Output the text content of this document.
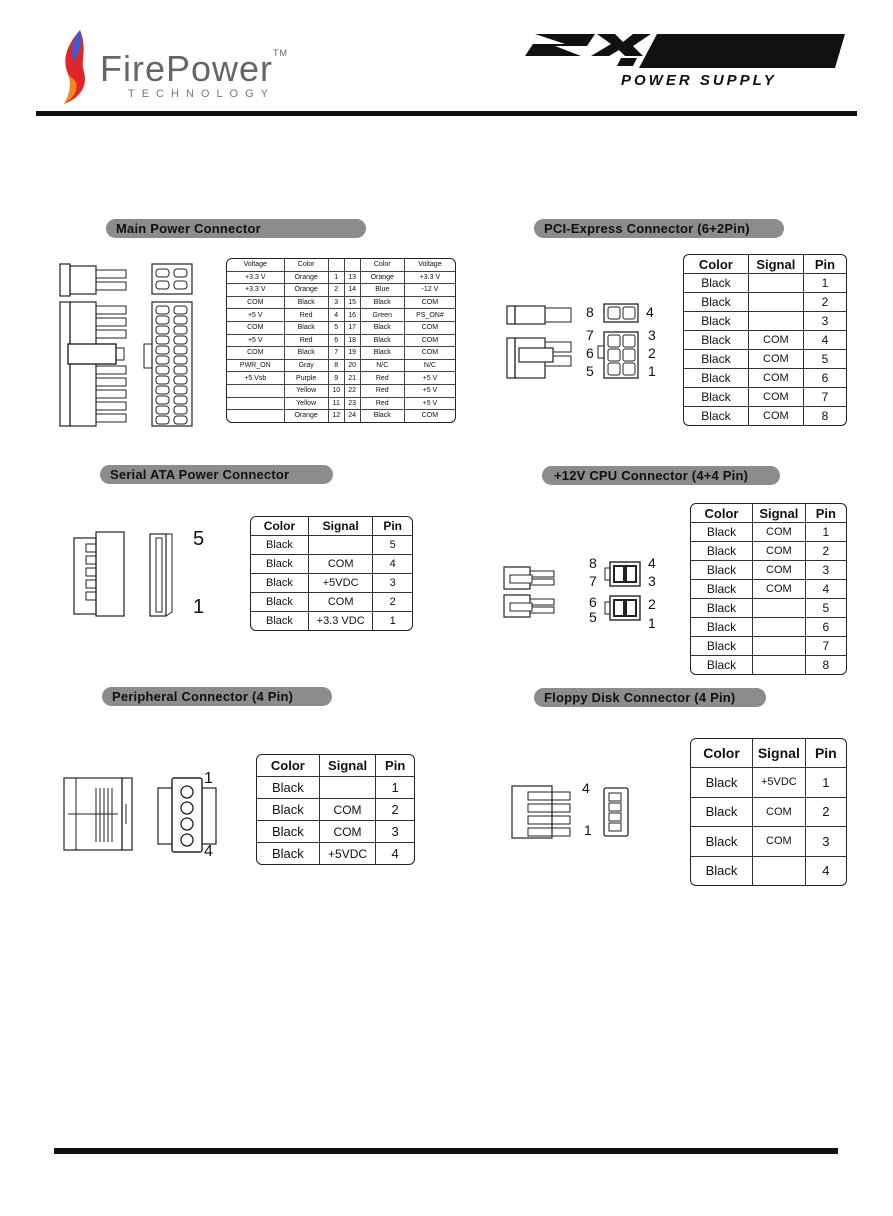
FirePower™
TECHNOLOGY
POWER SUPPLY
Main Power Connector
Voltage	Color			Color	Voltage
+3.3 V	Orange	1	13	Orange	+3.3 V
+3.3 V	Orange	2	14	Blue	-12 V
COM	Black	3	15	Black	COM
+5 V	Red	4	16	Green	PS_ON#
COM	Black	5	17	Black	COM
+5 V	Red	6	18	Black	COM
COM	Black	7	19	Black	COM
PWR_ON	Gray	8	20	N/C	N/C
+5 Vsb	Purple	9	21	Red	+5 V
	Yellow	10	22	Red	+5 V
	Yellow	11	23	Red	+5 V
	Orange	12	24	Black	COM
PCI-Express Connector (6+2Pin)
8	4
7	3
6	2
5	1
Color	Signal	Pin
Black		1
Black		2
Black		3
Black	COM	4
Black	COM	5
Black	COM	6
Black	COM	7
Black	COM	8
Serial ATA Power Connector
5
1
Color	Signal	Pin
Black		5
Black	COM	4
Black	+5VDC	3
Black	COM	2
Black	+3.3 VDC	1
+12V CPU Connector (4+4 Pin)
8	4
7	3
6	2
5	1
Color	Signal	Pin
Black	COM	1
Black	COM	2
Black	COM	3
Black	COM	4
Black		5
Black		6
Black		7
Black		8
Peripheral Connector (4 Pin)
1
4
Color	Signal	Pin
Black		1
Black	COM	2
Black	COM	3
Black	+5VDC	4
Floppy Disk Connector (4 Pin)
4
1
Color	Signal	Pin
Black	+5VDC	1
Black	COM	2
Black	COM	3
Black		4
